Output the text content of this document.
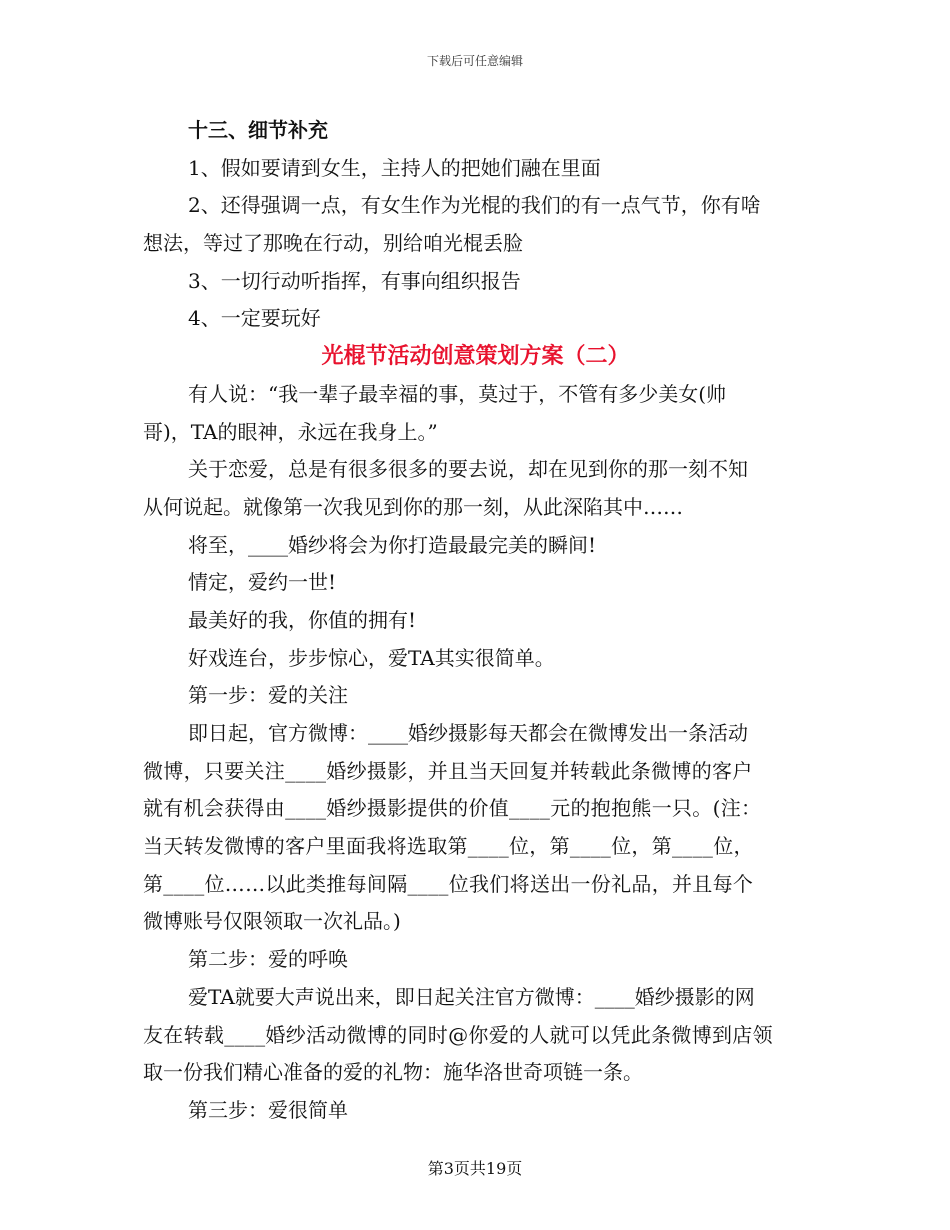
下载后可任意编辑

十三、细节补充

1、假如要请到女生，主持人的把她们融在里面

2、还得强调一点，有女生作为光棍的我们的有一点气节，你有啥

想法，等过了那晚在行动，别给咱光棍丢脸

3、一切行动听指挥，有事向组织报告

4、一定要玩好

光棍节活动创意策划方案（二）

有人说：“我一辈子最幸福的事，莫过于，不管有多少美女(帅

哥)，TA的眼神，永远在我身上。”

关于恋爱，总是有很多很多的要去说，却在见到你的那一刻不知

从何说起。就像第一次我见到你的那一刻，从此深陷其中……

将至，____婚纱将会为你打造最最完美的瞬间!

情定，爱约一世!

最美好的我，你值的拥有!

好戏连台，步步惊心，爱TA其实很简单。

第一步：爱的关注

即日起，官方微博：____婚纱摄影每天都会在微博发出一条活动

微博，只要关注____婚纱摄影，并且当天回复并转载此条微博的客户

就有机会获得由____婚纱摄影提供的价值____元的抱抱熊一只。(注：

当天转发微博的客户里面我将选取第____位，第____位，第____位，

第____位……以此类推每间隔____位我们将送出一份礼品，并且每个

微博账号仅限领取一次礼品。)

第二步：爱的呼唤

爱TA就要大声说出来，即日起关注官方微博：____婚纱摄影的网

友在转载____婚纱活动微博的同时@你爱的人就可以凭此条微博到店领

取一份我们精心准备的爱的礼物：施华洛世奇项链一条。

第三步：爱很简单

第3页共19页
